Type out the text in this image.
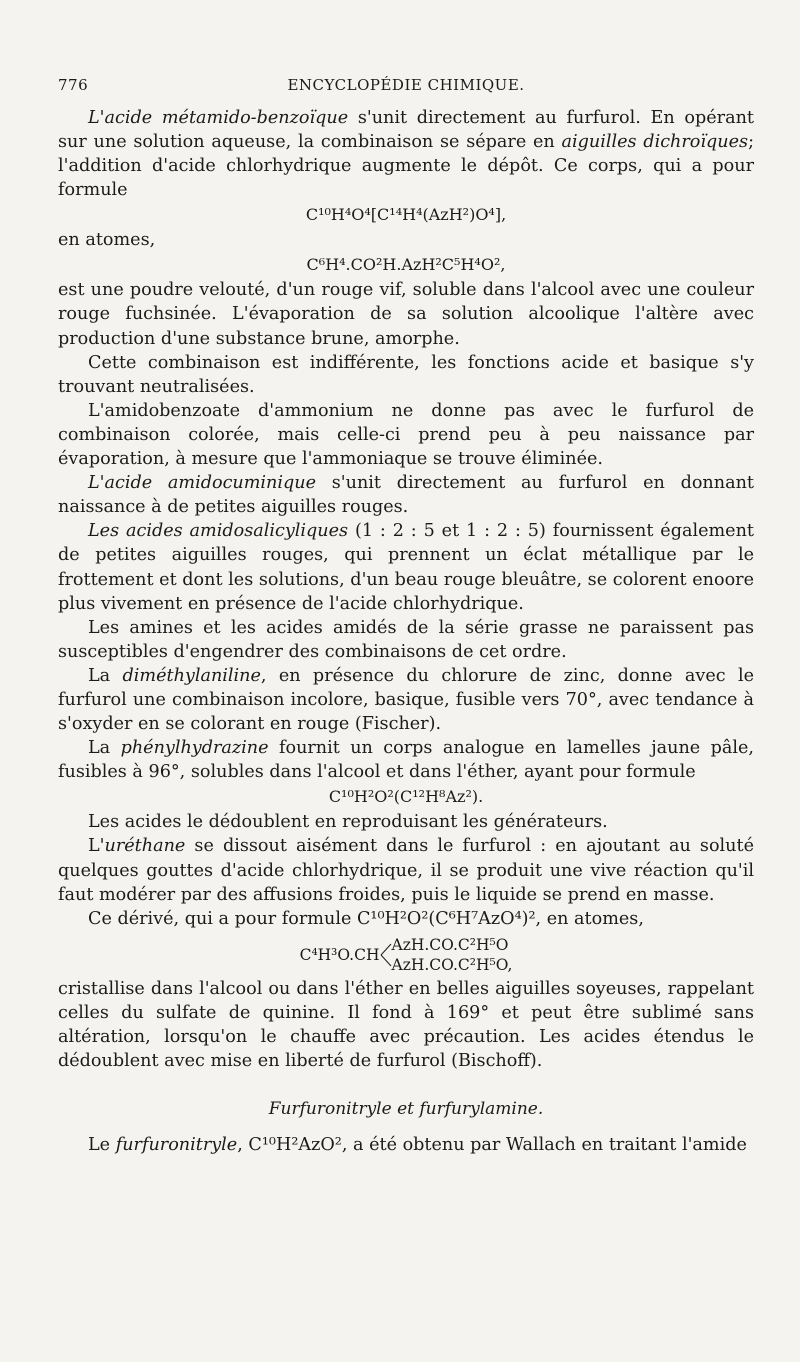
776	ENCYCLOPÉDIE CHIMIQUE.

L'acide métamido-benzoïque s'unit directement au furfurol. En opérant sur une solution aqueuse, la combinaison se sépare en aiguilles dichroïques; l'addition d'acide chlorhydrique augmente le dépôt. Ce corps, qui a pour formule

C¹⁰H⁴O⁴[C¹⁴H⁴(AzH²)O⁴],
en atomes,
C⁶H⁴.CO²H.AzH²C⁵H⁴O²,

est une poudre velouté, d'un rouge vif, soluble dans l'alcool avec une couleur rouge fuchsinée. L'évaporation de sa solution alcoolique l'altère avec production d'une substance brune, amorphe.

Cette combinaison est indifférente, les fonctions acide et basique s'y trouvant neutralisées.

L'amidobenzoate d'ammonium ne donne pas avec le furfurol de combinaison colorée, mais celle-ci prend peu à peu naissance par évaporation, à mesure que l'ammoniaque se trouve éliminée.

L'acide amidocuminique s'unit directement au furfurol en donnant naissance à de petites aiguilles rouges.

Les acides amidosalicyliques (1 : 2 : 5 et 1 : 2 : 5) fournissent également de petites aiguilles rouges, qui prennent un éclat métallique par le frottement et dont les solutions, d'un beau rouge bleuâtre, se colorent enoore plus vivement en présence de l'acide chlorhydrique.

Les amines et les acides amidés de la série grasse ne paraissent pas susceptibles d'engendrer des combinaisons de cet ordre.

La diméthylaniline, en présence du chlorure de zinc, donne avec le furfurol une combinaison incolore, basique, fusible vers 70°, avec tendance à s'oxyder en se colorant en rouge (Fischer).

La phénylhydrazine fournit un corps analogue en lamelles jaune pâle, fusibles à 96°, solubles dans l'alcool et dans l'éther, ayant pour formule

C¹⁰H²O²(C¹²H⁸Az²).

Les acides le dédoublent en reproduisant les générateurs.

L'uréthane se dissout aisément dans le furfurol : en ajoutant au soluté quelques gouttes d'acide chlorhydrique, il se produit une vive réaction qu'il faut modérer par des affusions froides, puis le liquide se prend en masse.

Ce dérivé, qui a pour formule C¹⁰H²O²(C⁶H⁷AzO⁴)², en atomes,

C⁴H³O.CH
AzH.CO.C²H⁵O
AzH.CO.C²H⁵O,

cristallise dans l'alcool ou dans l'éther en belles aiguilles soyeuses, rappelant celles du sulfate de quinine. Il fond à 169° et peut être sublimé sans altération, lorsqu'on le chauffe avec précaution. Les acides étendus le dédoublent avec mise en liberté de furfurol (Bischoff).

Furfuronitryle et furfurylamine.

Le furfuronitryle, C¹⁰H²AzO², a été obtenu par Wallach en traitant l'amide
